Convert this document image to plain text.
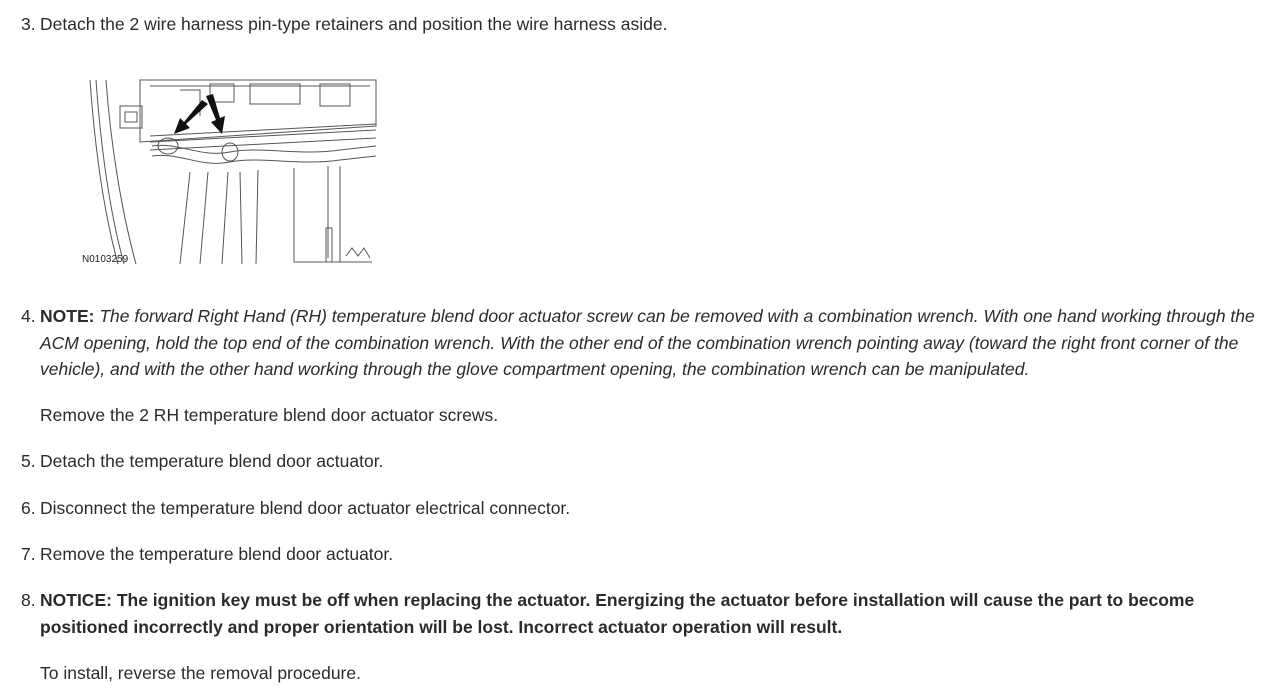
3. Detach the 2 wire harness pin-type retainers and position the wire harness aside.
N0103259
4. NOTE: The forward Right Hand (RH) temperature blend door actuator screw can be removed with a combination wrench. With one hand working through the ACM opening, hold the top end of the combination wrench. With the other end of the combination wrench pointing away (toward the right front corner of the vehicle), and with the other hand working through the glove compartment opening, the combination wrench can be manipulated.
Remove the 2 RH temperature blend door actuator screws.
5. Detach the temperature blend door actuator.
6. Disconnect the temperature blend door actuator electrical connector.
7. Remove the temperature blend door actuator.
8. NOTICE: The ignition key must be off when replacing the actuator. Energizing the actuator before installation will cause the part to become positioned incorrectly and proper orientation will be lost. Incorrect actuator operation will result.
To install, reverse the removal procedure.
